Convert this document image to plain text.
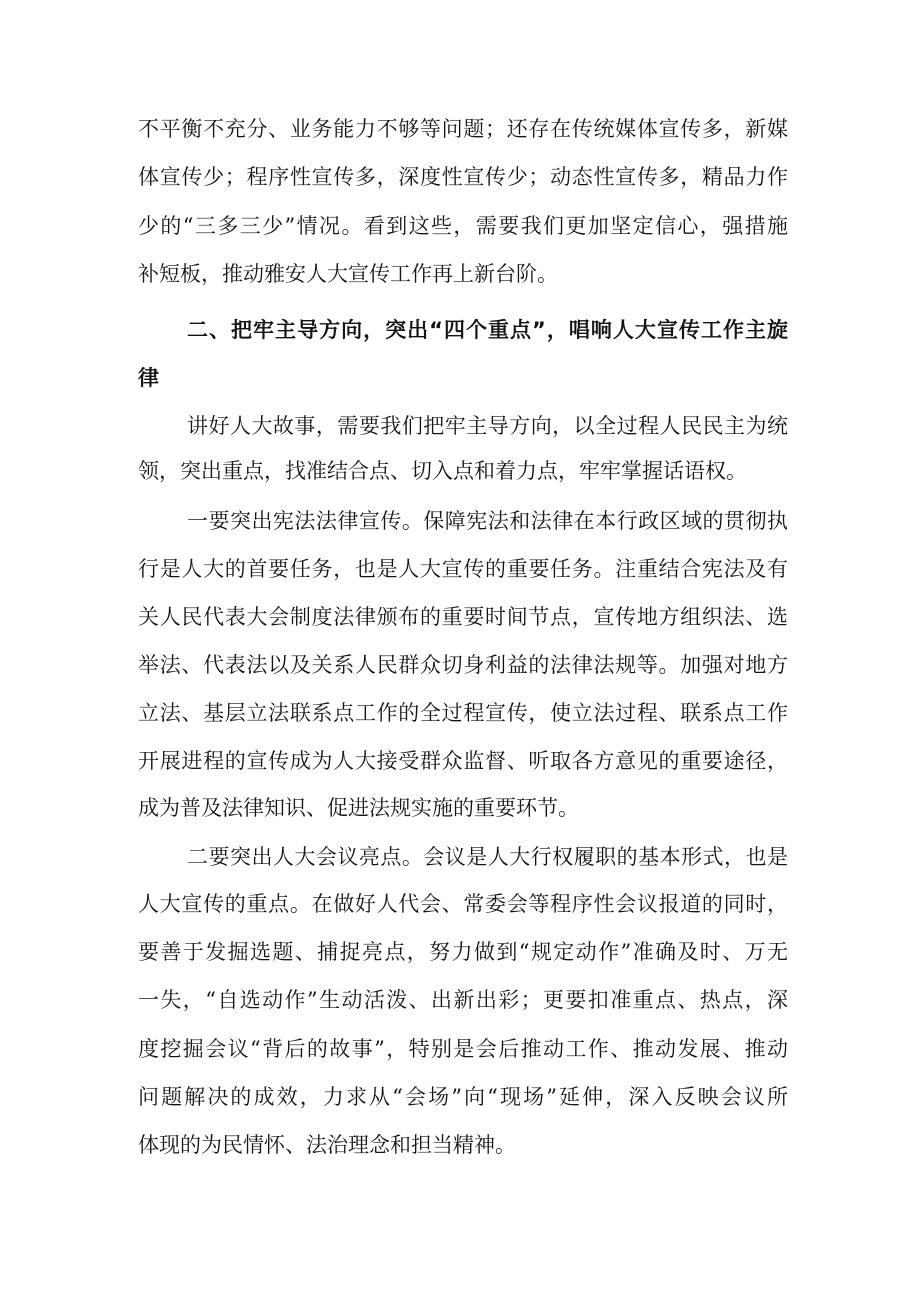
不平衡不充分、业务能力不够等问题；还存在传统媒体宣传多，新媒
体宣传少；程序性宣传多，深度性宣传少；动态性宣传多，精品力作
少的“三多三少”情况。看到这些，需要我们更加坚定信心，强措施
补短板，推动雅安人大宣传工作再上新台阶。
二、把牢主导方向，突出“四个重点”，唱响人大宣传工作主旋
律
讲好人大故事，需要我们把牢主导方向，以全过程人民民主为统
领，突出重点，找准结合点、切入点和着力点，牢牢掌握话语权。
一要突出宪法法律宣传。保障宪法和法律在本行政区域的贯彻执
行是人大的首要任务，也是人大宣传的重要任务。注重结合宪法及有
关人民代表大会制度法律颁布的重要时间节点，宣传地方组织法、选
举法、代表法以及关系人民群众切身利益的法律法规等。加强对地方
立法、基层立法联系点工作的全过程宣传，使立法过程、联系点工作
开展进程的宣传成为人大接受群众监督、听取各方意见的重要途径，
成为普及法律知识、促进法规实施的重要环节。
二要突出人大会议亮点。会议是人大行权履职的基本形式，也是
人大宣传的重点。在做好人代会、常委会等程序性会议报道的同时，
要善于发掘选题、捕捉亮点，努力做到“规定动作”准确及时、万无
一失，“自选动作”生动活泼、出新出彩；更要扣准重点、热点，深
度挖掘会议“背后的故事”，特别是会后推动工作、推动发展、推动
问题解决的成效，力求从“会场”向“现场”延伸，深入反映会议所
体现的为民情怀、法治理念和担当精神。
